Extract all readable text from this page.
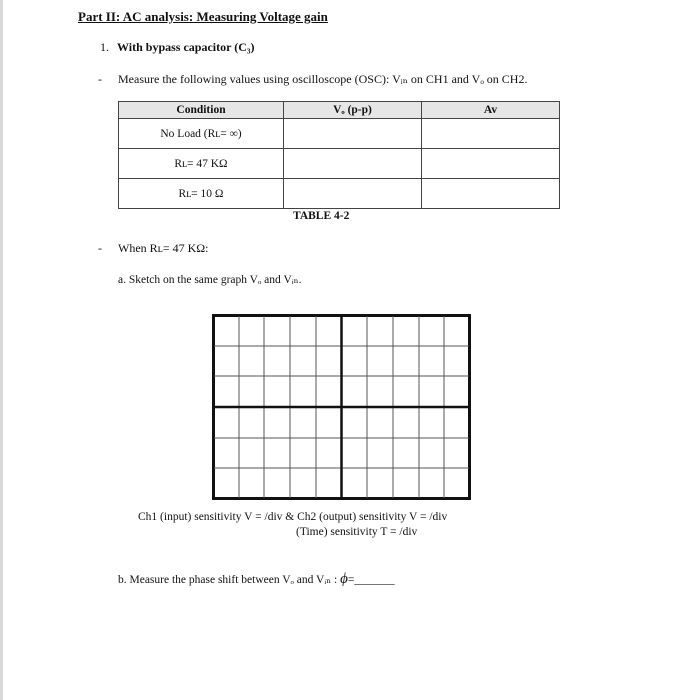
Part II: AC analysis: Measuring Voltage gain
1. With bypass capacitor (C₃)
- Measure the following values using oscilloscope (OSC): Vᵢₙ on CH1 and Vₒ on CH2.
Condition	Vₒ (p-p)	Av
No Load (Rʟ= ∞)		
Rʟ= 47 KΩ		
Rʟ= 10 Ω		
TABLE 4-2
- When Rʟ= 47 KΩ:
a. Sketch on the same graph Vₒ and Vᵢₙ.
Ch1 (input) sensitivity V = /div & Ch2 (output) sensitivity V = /div
(Time) sensitivity T = /div
b. Measure the phase shift between Vₒ and Vᵢₙ : ϕ=_______
